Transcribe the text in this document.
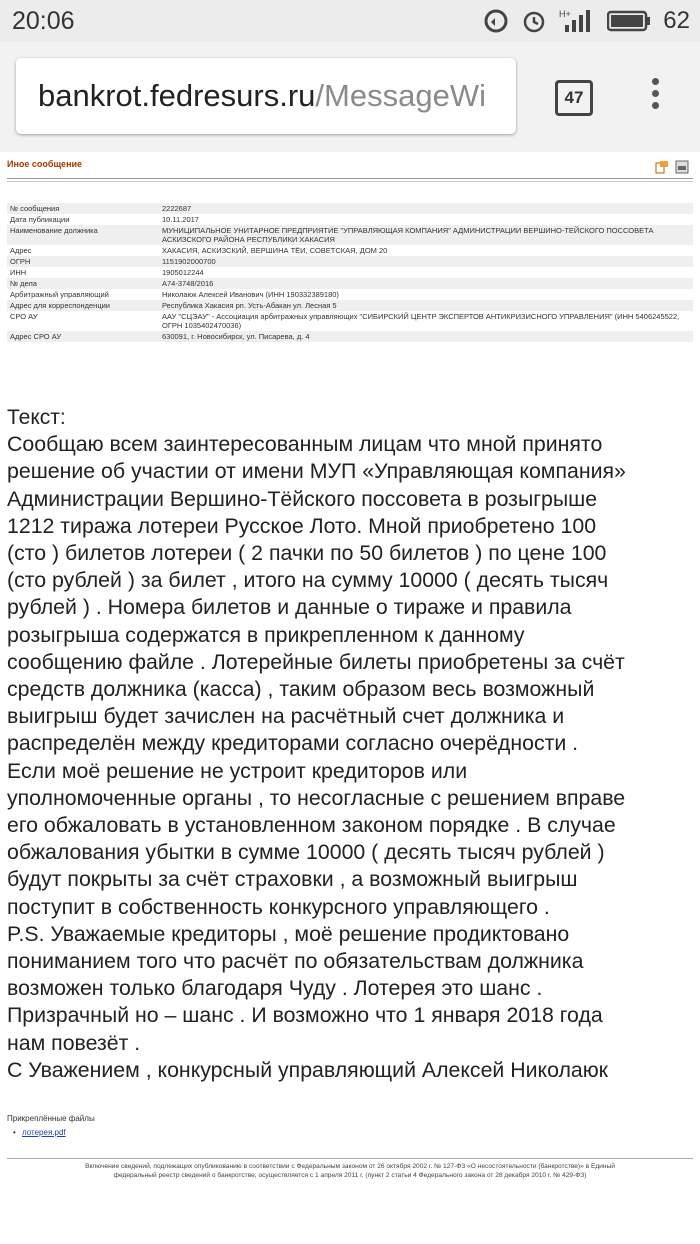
20:06	H+	62
bankrot.fedresurs.ru/MessageWi	47
Иное сообщение
№ сообщения	2222687
Дата публикации	10.11.2017
Наименование должника	МУНИЦИПАЛЬНОЕ УНИТАРНОЕ ПРЕДПРИЯТИЕ "УПРАВЛЯЮЩАЯ КОМПАНИЯ" АДМИНИСТРАЦИИ ВЕРШИНО-ТЕЙСКОГО ПОССОВЕТА АСКИЗСКОГО РАЙОНА РЕСПУБЛИКИ ХАКАСИЯ
Адрес	ХАКАСИЯ, АСКИЗСКИЙ, ВЕРШИНА ТЁИ, СОВЕТСКАЯ, ДОМ 20
ОГРН	1151902000700
ИНН	1905012244
№ дела	А74-3748/2016
Арбитражный управляющий	Николаюк Алексей Иванович (ИНН 190332389180)
Адрес для корреспонденции	Республика Хакасия рп. Усть-Абакан ул. Лесная 5
СРО АУ	ААУ "СЦЭАУ" - Ассоциация арбитражных управляющих "СИБИРСКИЙ ЦЕНТР ЭКСПЕРТОВ АНТИКРИЗИСНОГО УПРАВЛЕНИЯ" (ИНН 5406245522, ОГРН 1035402470036)
Адрес СРО АУ	630091, г. Новосибирск, ул. Писарева, д. 4
Текст:
Сообщаю всем заинтересованным лицам что мной принято
решение об участии от имени МУП «Управляющая компания»
Администрации Вершино-Тёйского поссовета в розыгрыше
1212 тиража лотереи Русское Лото. Мной приобретено 100
(сто ) билетов лотереи ( 2 пачки по 50 билетов ) по цене 100
(сто рублей ) за билет , итого на сумму 10000 ( десять тысяч
рублей ) . Номера билетов и данные о тираже и правила
розыгрыша содержатся в прикрепленном к данному
сообщению файле . Лотерейные билеты приобретены за счёт
средств должника (касса) , таким образом весь возможный
выигрыш будет зачислен на расчётный счет должника и
распределён между кредиторами согласно очерёдности .
Если моё решение не устроит кредиторов или
уполномоченные органы , то несогласные с решением вправе
его обжаловать в установленном законом порядке . В случае
обжалования убытки в сумме 10000 ( десять тысяч рублей )
будут покрыты за счёт страховки , а возможный выигрыш
поступит в собственность конкурсного управляющего .
P.S. Уважаемые кредиторы , моё решение продиктовано
пониманием того что расчёт по обязательствам должника
возможен только благодаря Чуду . Лотерея это шанс .
Призрачный но – шанс . И возможно что 1 января 2018 года
нам повезёт .
С Уважением , конкурсный управляющий Алексей Николаюк
Прикреплённые файлы
• лотерея.pdf
Включение сведений, подлежащих опубликованию в соответствии с Федеральным законом от 26 октября 2002 г. № 127-ФЗ «О несостоятельности (банкротстве)» в Единый
федеральный реестр сведений о банкротстве, осуществляется с 1 апреля 2011 г. (пункт 2 статьи 4 Федерального закона от 28 декабря 2010 г. № 429-ФЗ)
